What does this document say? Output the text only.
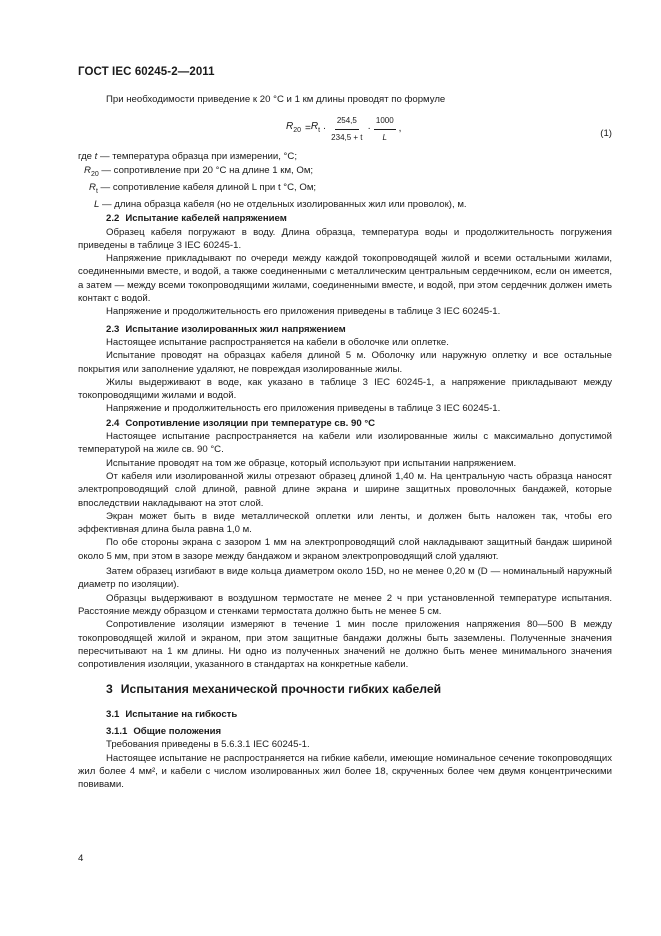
ГОСТ IEC 60245-2—2011

При необходимости приведение к 20 °С и 1 км длины проводят по формуле

$R_{20} = R_t \cdot \frac{254,5}{234,5 + t} \cdot \frac{1000}{L}$ ,	(1)
где t — температура образца при измерении, °С;
$R_{20}$ — сопротивление при 20 °С на длине 1 км, Ом;
$R_t$ — сопротивление кабеля длиной L при t °С, Ом;
L — длина образца кабеля (но не отдельных изолированных жил или проволок), м.
2.2 Испытание кабелей напряжением

Образец кабеля погружают в воду. Длина образца, температура воды и продолжительность погружения приведены в таблице 3 IEC 60245-1.

Напряжение прикладывают по очереди между каждой токопроводящей жилой и всеми остальными жилами, соединенными вместе, и водой, а также соединенными с металлическим центральным сердечником, если он имеется, а затем — между всеми токопроводящими жилами, соединенными вместе, и водой, при этом сердечник должен иметь контакт с водой.

Напряжение и продолжительность его приложения приведены в таблице 3 IEC 60245-1.

2.3 Испытание изолированных жил напряжением

Настоящее испытание распространяется на кабели в оболочке или оплетке.

Испытание проводят на образцах кабеля длиной 5 м. Оболочку или наружную оплетку и все остальные покрытия или заполнение удаляют, не повреждая изолированные жилы.

Жилы выдерживают в воде, как указано в таблице 3 IEC 60245-1, а напряжение прикладывают между токопроводящими жилами и водой.

Напряжение и продолжительность его приложения приведены в таблице 3 IEC 60245-1.

2.4 Сопротивление изоляции при температуре св. 90 °С

Настоящее испытание распространяется на кабели или изолированные жилы с максимально допустимой температурой на жиле св. 90 °С.

Испытание проводят на том же образце, который используют при испытании напряжением.

От кабеля или изолированной жилы отрезают образец длиной 1,40 м. На центральную часть образца наносят электропроводящий слой длиной, равной длине экрана и ширине защитных проволочных бандажей, которые впоследствии накладывают на этот слой.

Экран может быть в виде металлической оплетки или ленты, и должен быть наложен так, чтобы его эффективная длина была равна 1,0 м.

По обе стороны экрана с зазором 1 мм на электропроводящий слой накладывают защитный бандаж шириной около 5 мм, при этом в зазоре между бандажом и экраном электропроводящий слой удаляют.

Затем образец изгибают в виде кольца диаметром около 15D, но не менее 0,20 м (D — номинальный наружный диаметр по изоляции).

Образцы выдерживают в воздушном термостате не менее 2 ч при установленной температуре испытания. Расстояние между образцом и стенками термостата должно быть не менее 5 см.

Сопротивление изоляции измеряют в течение 1 мин после приложения напряжения 80—500 В между токопроводящей жилой и экраном, при этом защитные бандажи должны быть заземлены. Полученные значения пересчитывают на 1 км длины. Ни одно из полученных значений не должно быть менее минимального значения сопротивления изоляции, указанного в стандартах на конкретные кабели.

3 Испытания механической прочности гибких кабелей
3.1 Испытание на гибкость
3.1.1 Общие положения

Требования приведены в 5.6.3.1 IEC 60245-1.

Настоящее испытание не распространяется на гибкие кабели, имеющие номинальное сечение токопроводящих жил более 4 мм², и кабели с числом изолированных жил более 18, скрученных более чем двумя концентрическими повивами.

4
